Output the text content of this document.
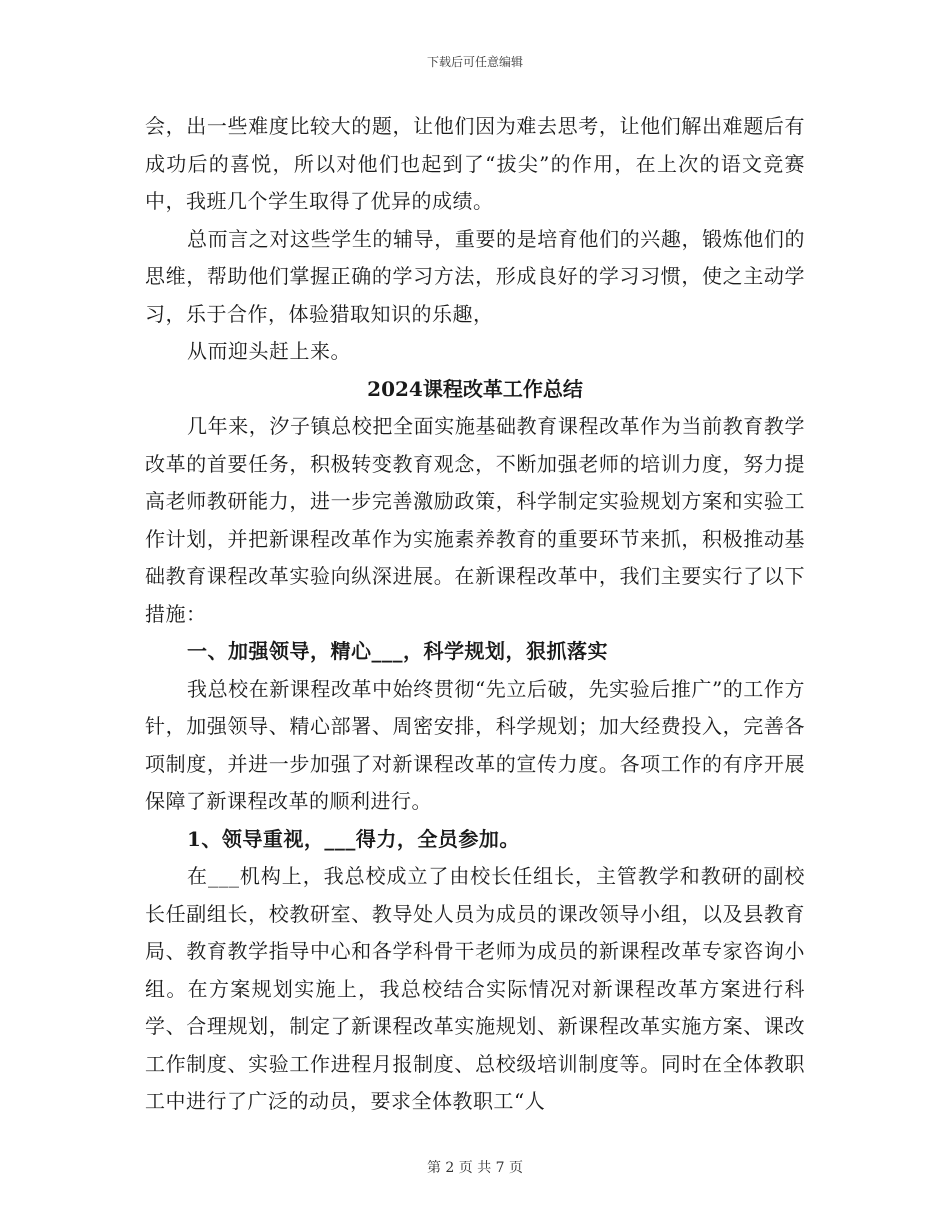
下载后可任意编辑

会，出一些难度比较大的题，让他们因为难去思考，让他们解出难题后有成功后的喜悦，所以对他们也起到了“拔尖”的作用，在上次的语文竞赛中，我班几个学生取得了优异的成绩。

总而言之对这些学生的辅导，重要的是培育他们的兴趣，锻炼他们的思维，帮助他们掌握正确的学习方法，形成良好的学习习惯，使之主动学习，乐于合作，体验猎取知识的乐趣，

从而迎头赶上来。

2024课程改革工作总结

几年来，汐子镇总校把全面实施基础教育课程改革作为当前教育教学改革的首要任务，积极转变教育观念，不断加强老师的培训力度，努力提高老师教研能力，进一步完善激励政策，科学制定实验规划方案和实验工作计划，并把新课程改革作为实施素养教育的重要环节来抓，积极推动基础教育课程改革实验向纵深进展。在新课程改革中，我们主要实行了以下措施：

一、加强领导，精心___，科学规划，狠抓落实

我总校在新课程改革中始终贯彻“先立后破，先实验后推广”的工作方针，加强领导、精心部署、周密安排，科学规划；加大经费投入，完善各项制度，并进一步加强了对新课程改革的宣传力度。各项工作的有序开展保障了新课程改革的顺利进行。

1、领导重视，___得力，全员参加。

在___机构上，我总校成立了由校长任组长，主管教学和教研的副校长任副组长，校教研室、教导处人员为成员的课改领导小组，以及县教育局、教育教学指导中心和各学科骨干老师为成员的新课程改革专家咨询小组。在方案规划实施上，我总校结合实际情况对新课程改革方案进行科学、合理规划，制定了新课程改革实施规划、新课程改革实施方案、课改工作制度、实验工作进程月报制度、总校级培训制度等。同时在全体教职工中进行了广泛的动员，要求全体教职工“人

第 2 页 共 7 页
